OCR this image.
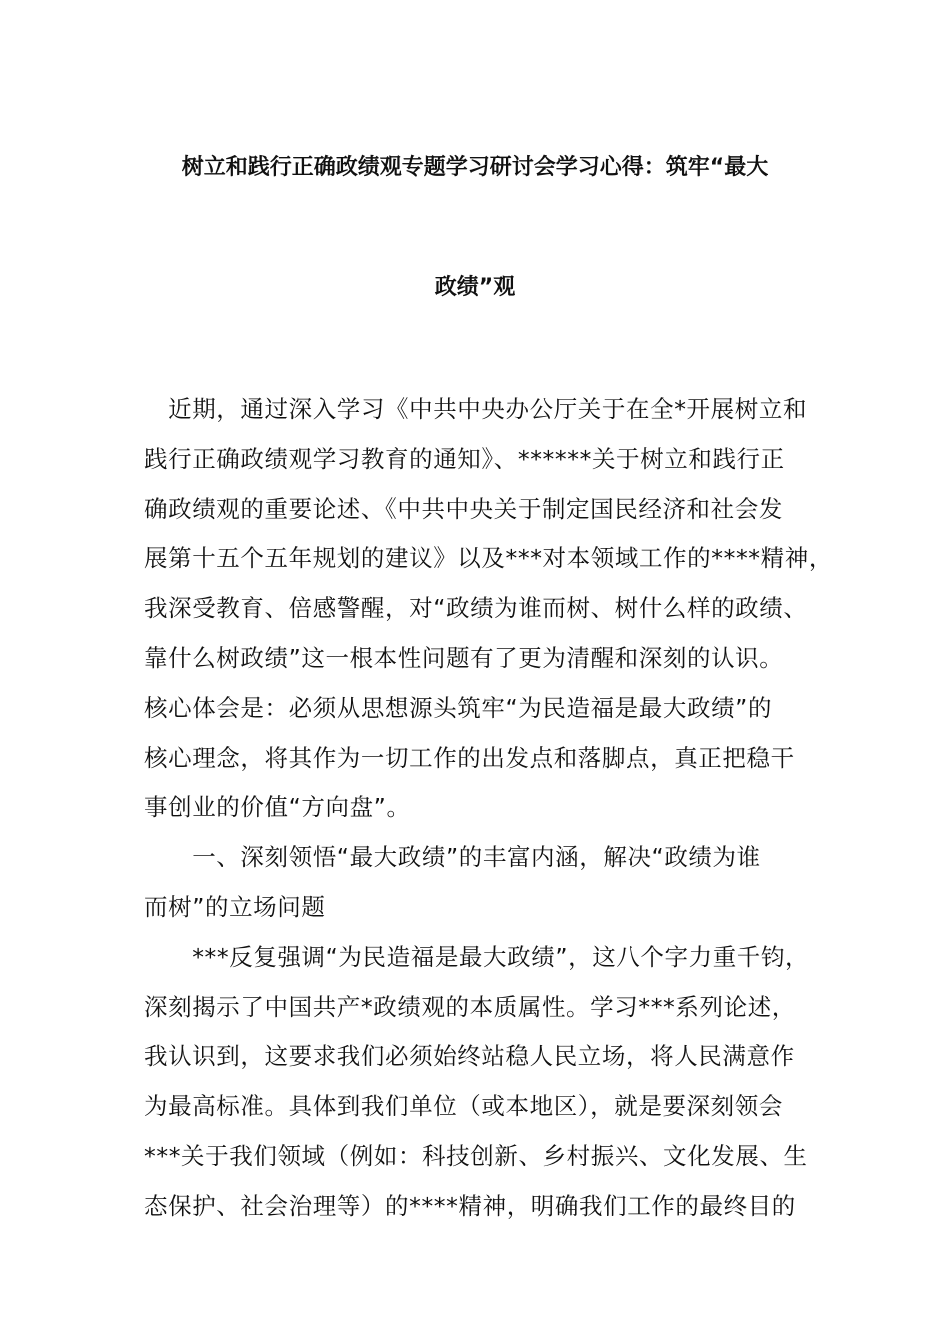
树立和践行正确政绩观专题学习研讨会学习心得：筑牢“最大
政绩”观
　近期，通过深入学习《中共中央办公厅关于在全*开展树立和
践行正确政绩观学习教育的通知》、******关于树立和践行正
确政绩观的重要论述、《中共中央关于制定国民经济和社会发
展第十五个五年规划的建议》以及***对本领域工作的****精神，
我深受教育、倍感警醒，对“政绩为谁而树、树什么样的政绩、
靠什么树政绩”这一根本性问题有了更为清醒和深刻的认识。
核心体会是：必须从思想源头筑牢“为民造福是最大政绩”的
核心理念，将其作为一切工作的出发点和落脚点，真正把稳干
事创业的价值“方向盘”。
　　一、深刻领悟“最大政绩”的丰富内涵，解决“政绩为谁
而树”的立场问题
　　***反复强调“为民造福是最大政绩”，这八个字力重千钧，
深刻揭示了中国共产*政绩观的本质属性。学习***系列论述，
我认识到，这要求我们必须始终站稳人民立场，将人民满意作
为最高标准。具体到我们单位（或本地区），就是要深刻领会
***关于我们领域（例如：科技创新、乡村振兴、文化发展、生
态保护、社会治理等）的****精神，明确我们工作的最终目的
